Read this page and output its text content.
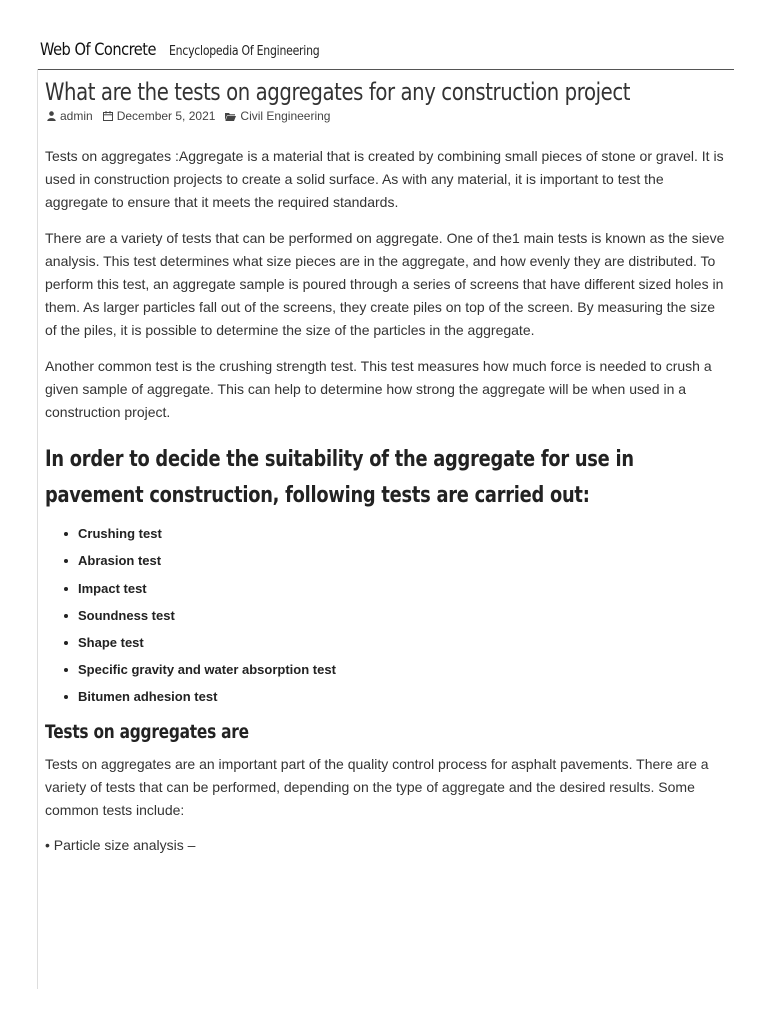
Web Of Concrete Encyclopedia Of Engineering
What are the tests on aggregates for any construction project
admin December 5, 2021 Civil Engineering

Tests on aggregates :Aggregate is a material that is created by combining small pieces of stone or gravel. It is used in construction projects to create a solid surface. As with any material, it is important to test the aggregate to ensure that it meets the required standards.

There are a variety of tests that can be performed on aggregate. One of the1 main tests is known as the sieve analysis. This test determines what size pieces are in the aggregate, and how evenly they are distributed. To perform this test, an aggregate sample is poured through a series of screens that have different sized holes in them. As larger particles fall out of the screens, they create piles on top of the screen. By measuring the size of the piles, it is possible to determine the size of the particles in the aggregate.

Another common test is the crushing strength test. This test measures how much force is needed to crush a given sample of aggregate. This can help to determine how strong the aggregate will be when used in a construction project.

In order to decide the suitability of the aggregate for use in pavement construction, following tests are carried out:
Crushing test
Abrasion test
Impact test
Soundness test
Shape test
Specific gravity and water absorption test
Bitumen adhesion test
Tests on aggregates are

Tests on aggregates are an important part of the quality control process for asphalt pavements. There are a variety of tests that can be performed, depending on the type of aggregate and the desired results. Some common tests include:

• Particle size analysis –
